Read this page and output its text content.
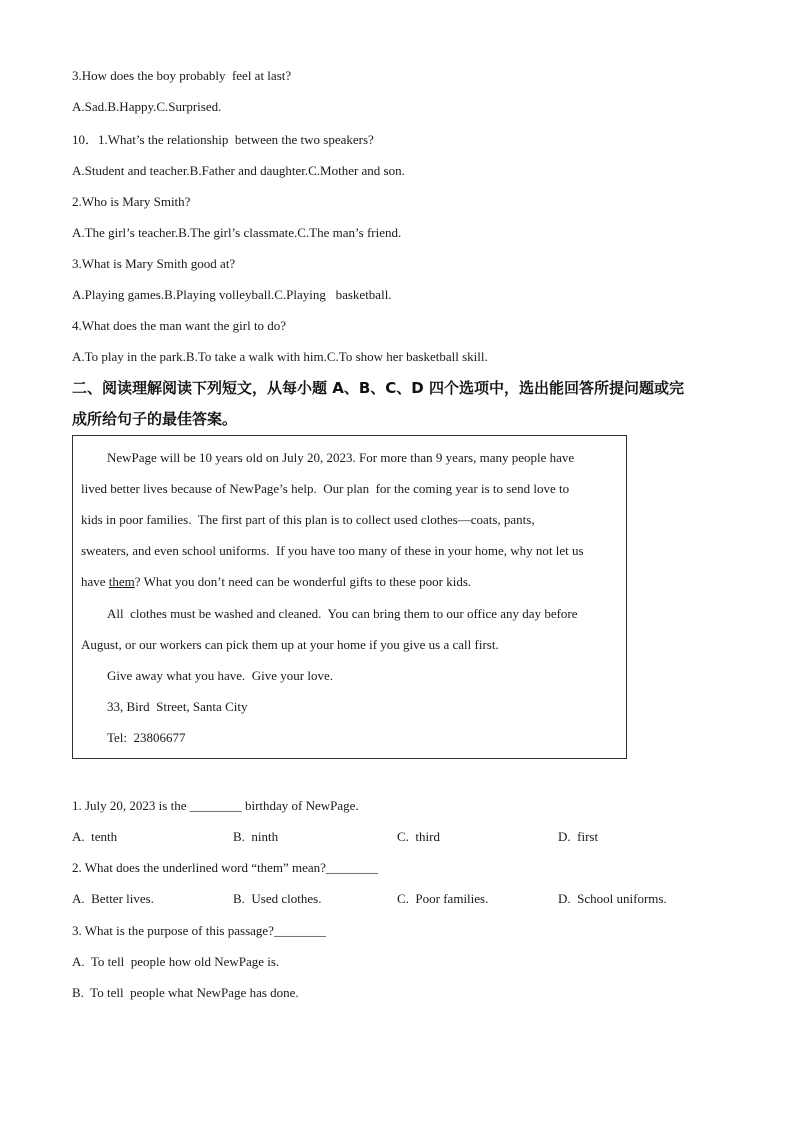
3.How does the boy probably  feel at last?
A.Sad.B.Happy.C.Surprised.
10．1.What’s the relationship  between the two speakers?
A.Student and teacher.B.Father and daughter.C.Mother and son.
2.Who is Mary Smith?
A.The girl’s teacher.B.The girl’s classmate.C.The man’s friend.
3.What is Mary Smith good at?
A.Playing games.B.Playing volleyball.C.Playing   basketball.
4.What does the man want the girl to do?
A.To play in the park.B.To take a walk with him.C.To show her basketball skill.
二、阅读理解阅读下列短文，从每小题 A、B、C、D 四个选项中，选出能回答所提问题或完
成所给句子的最佳答案。
NewPage will be 10 years old on July 20, 2023. For more than 9 years, many people have
lived better lives because of NewPage’s help.  Our plan  for the coming year is to send love to
kids in poor families.  The first part of this plan is to collect used clothes—coats, pants,
sweaters, and even school uniforms.  If you have too many of these in your home, why not let us
have them? What you don’t need can be wonderful gifts to these poor kids.
All  clothes must be washed and cleaned.  You can bring them to our office any day before
August, or our workers can pick them up at your home if you give us a call first.
Give away what you have.  Give your love.
33, Bird  Street, Santa City
Tel:  23806677
1. July 20, 2023 is the ________ birthday of NewPage.
A.  tenth	B.  ninth	C.  third	D.  first
2. What does the underlined word “them” mean?________
A.  Better lives.	B.  Used clothes.	C.  Poor families.	D.  School uniforms.
3. What is the purpose of this passage?________
A.  To tell  people how old NewPage is.
B.  To tell  people what NewPage has done.
